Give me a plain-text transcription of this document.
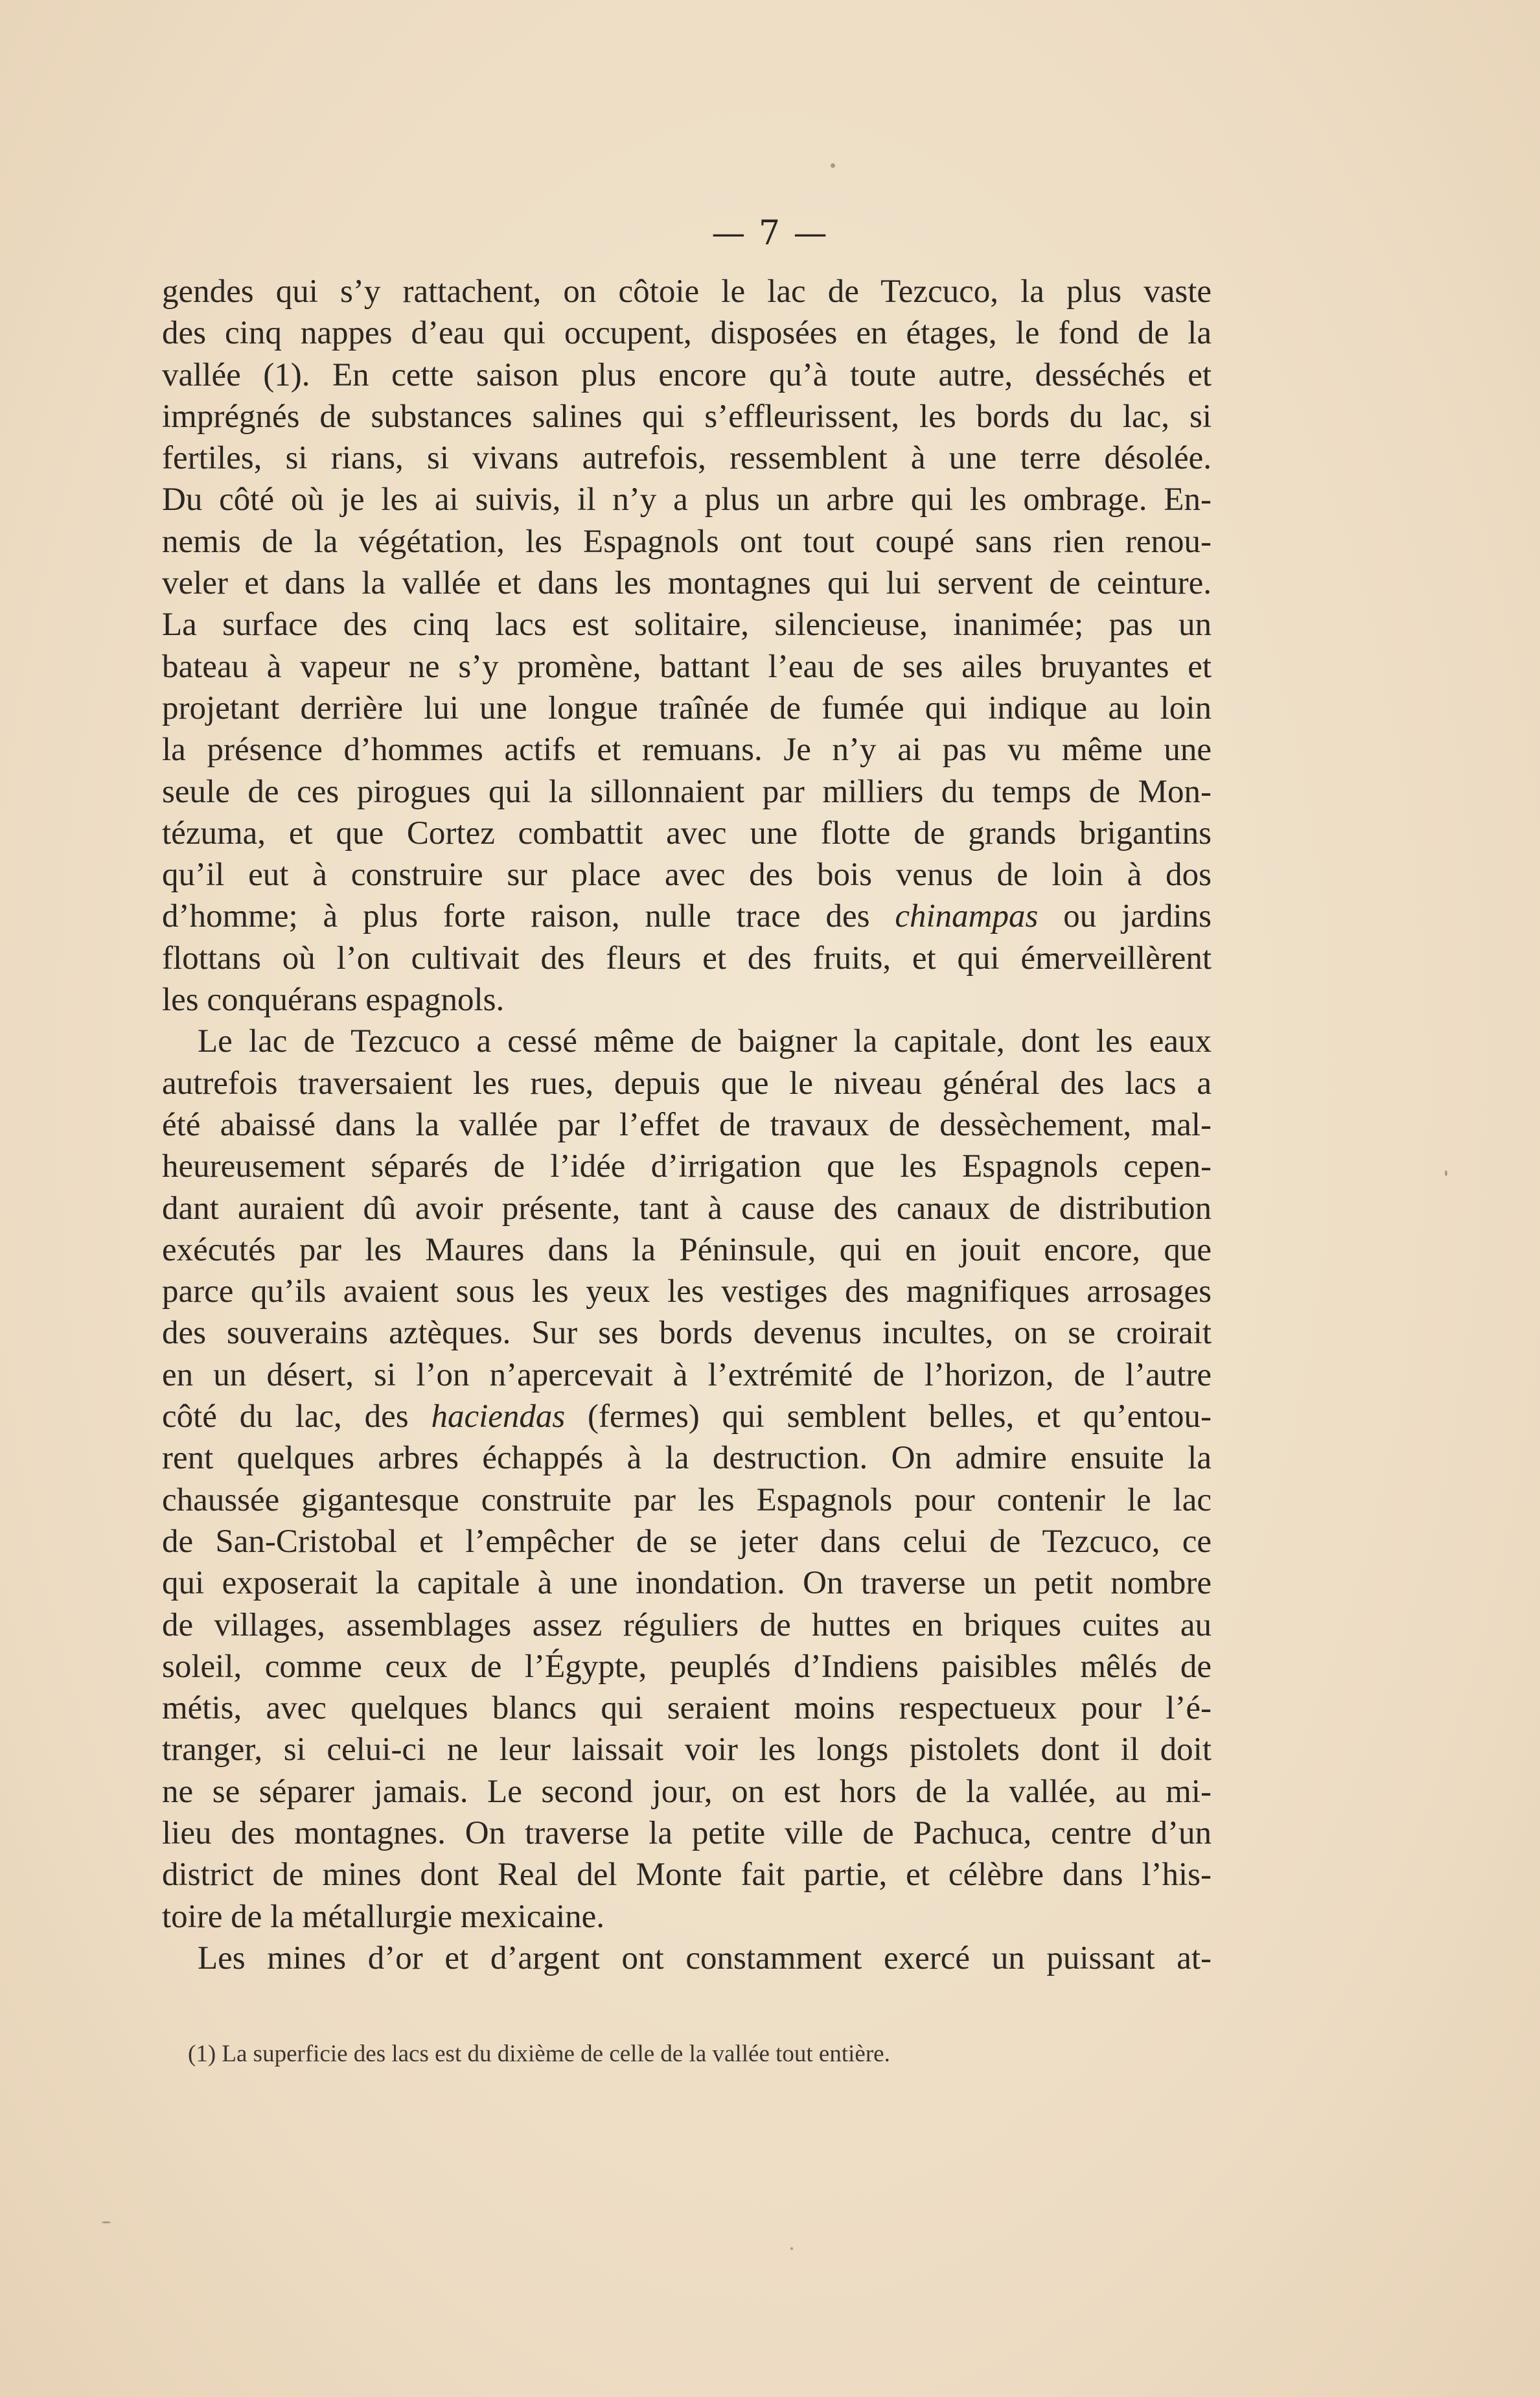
— 7 —
gendes qui s’y rattachent, on côtoie le lac de Tezcuco, la plus vaste
des cinq nappes d’eau qui occupent, disposées en étages, le fond de la
vallée (1). En cette saison plus encore qu’à toute autre, desséchés et
imprégnés de substances salines qui s’effleurissent, les bords du lac, si
fertiles, si rians, si vivans autrefois, ressemblent à une terre désolée.
Du côté où je les ai suivis, il n’y a plus un arbre qui les ombrage. En-
nemis de la végétation, les Espagnols ont tout coupé sans rien renou-
veler et dans la vallée et dans les montagnes qui lui servent de ceinture.
La surface des cinq lacs est solitaire, silencieuse, inanimée; pas un
bateau à vapeur ne s’y promène, battant l’eau de ses ailes bruyantes et
projetant derrière lui une longue traînée de fumée qui indique au loin
la présence d’hommes actifs et remuans. Je n’y ai pas vu même une
seule de ces pirogues qui la sillonnaient par milliers du temps de Mon-
tézuma, et que Cortez combattit avec une flotte de grands brigantins
qu’il eut à construire sur place avec des bois venus de loin à dos
d’homme; à plus forte raison, nulle trace des chinampas ou jardins
flottans où l’on cultivait des fleurs et des fruits, et qui émerveillèrent
les conquérans espagnols.
Le lac de Tezcuco a cessé même de baigner la capitale, dont les eaux
autrefois traversaient les rues, depuis que le niveau général des lacs a
été abaissé dans la vallée par l’effet de travaux de dessèchement, mal-
heureusement séparés de l’idée d’irrigation que les Espagnols cepen-
dant auraient dû avoir présente, tant à cause des canaux de distribution
exécutés par les Maures dans la Péninsule, qui en jouit encore, que
parce qu’ils avaient sous les yeux les vestiges des magnifiques arrosages
des souverains aztèques. Sur ses bords devenus incultes, on se croirait
en un désert, si l’on n’apercevait à l’extrémité de l’horizon, de l’autre
côté du lac, des haciendas (fermes) qui semblent belles, et qu’entou-
rent quelques arbres échappés à la destruction. On admire ensuite la
chaussée gigantesque construite par les Espagnols pour contenir le lac
de San-Cristobal et l’empêcher de se jeter dans celui de Tezcuco, ce
qui exposerait la capitale à une inondation. On traverse un petit nombre
de villages, assemblages assez réguliers de huttes en briques cuites au
soleil, comme ceux de l’Égypte, peuplés d’Indiens paisibles mêlés de
métis, avec quelques blancs qui seraient moins respectueux pour l’é-
tranger, si celui-ci ne leur laissait voir les longs pistolets dont il doit
ne se séparer jamais. Le second jour, on est hors de la vallée, au mi-
lieu des montagnes. On traverse la petite ville de Pachuca, centre d’un
district de mines dont Real del Monte fait partie, et célèbre dans l’his-
toire de la métallurgie mexicaine.
Les mines d’or et d’argent ont constamment exercé un puissant at-
(1) La superficie des lacs est du dixième de celle de la vallée tout entière.
